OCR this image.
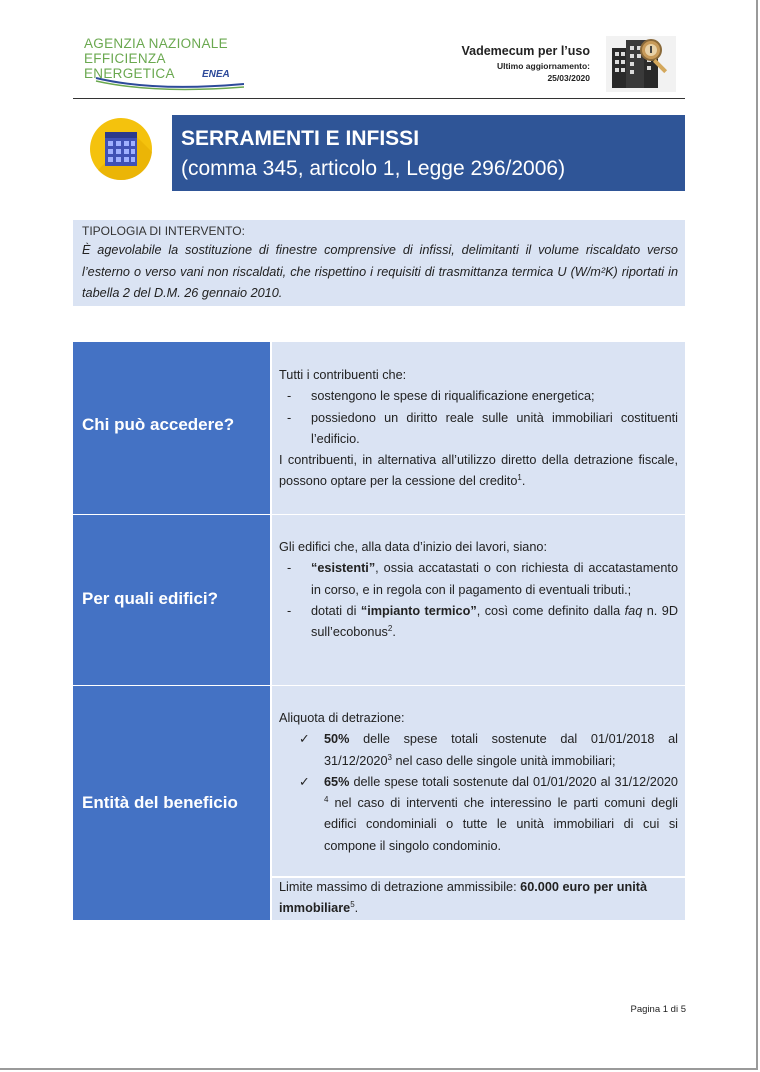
AGENZIA NAZIONALE
EFFICIENZA ENERGETICA	ENEA
Vademecum per l’uso
Ultimo aggiornamento:
25/03/2020
SERRAMENTI E INFISSI
(comma 345, articolo 1, Legge 296/2006)
TIPOLOGIA DI INTERVENTO:
È agevolabile la sostituzione di finestre comprensive di infissi, delimitanti il volume riscaldato verso l’esterno o verso vani non riscaldati, che rispettino i requisiti di trasmittanza termica U (W/m²K) riportati in tabella 2 del D.M. 26 gennaio 2010.
Chi può accedere?
Tutti i contribuenti che:
- sostengono le spese di riqualificazione energetica;
- possiedono un diritto reale sulle unità immobiliari costituenti l’edificio.
I contribuenti, in alternativa all’utilizzo diretto della detrazione fiscale, possono optare per la cessione del credito$^1$.
Per quali edifici?
Gli edifici che, alla data d’inizio dei lavori, siano:
- “esistenti”, ossia accatastati o con richiesta di accatastamento in corso, e in regola con il pagamento di eventuali tributi.;
- dotati di “impianto termico”, così come definito dalla faq n. 9D sull’ecobonus$^2$.
Entità del beneficio
Aliquota di detrazione:
✓ 50% delle spese totali sostenute dal 01/01/2018 al 31/12/2020$^3$ nel caso delle singole unità immobiliari;
✓ 65% delle spese totali sostenute dal 01/01/2020 al 31/12/2020 $^4$ nel caso di interventi che interessino le parti comuni degli edifici condominiali o tutte le unità immobiliari di cui si compone il singolo condominio.
Limite massimo di detrazione ammissibile: 60.000 euro per unità immobiliare$^5$.
Pagina 1 di 5
